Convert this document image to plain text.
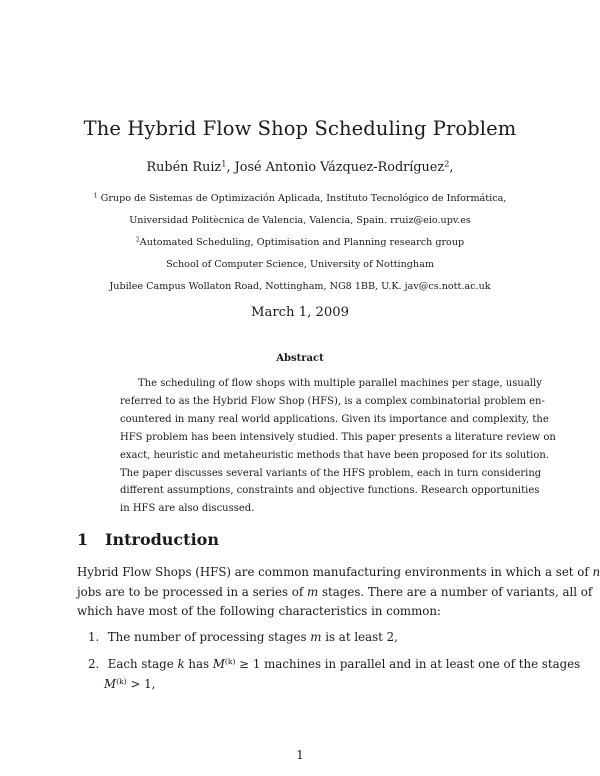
The Hybrid Flow Shop Scheduling Problem
Rubén Ruiz$^1$, José Antonio Vázquez-Rodríguez$^2$,
$^1$ Grupo de Sistemas de Optimización Aplicada, Instituto Tecnológico de Informática,
Universidad Politècnica de Valencia, Valencia, Spain. rruiz@eio.upv.es
$^2$Automated Scheduling, Optimisation and Planning research group
School of Computer Science, University of Nottingham
Jubilee Campus Wollaton Road, Nottingham, NG8 1BB, U.K. jav@cs.nott.ac.uk
March 1, 2009
Abstract
The scheduling of flow shops with multiple parallel machines per stage, usually
referred to as the Hybrid Flow Shop (HFS), is a complex combinatorial problem en-
countered in many real world applications. Given its importance and complexity, the
HFS problem has been intensively studied. This paper presents a literature review on
exact, heuristic and metaheuristic methods that have been proposed for its solution.
The paper discusses several variants of the HFS problem, each in turn considering
different assumptions, constraints and objective functions. Research opportunities
in HFS are also discussed.
1 Introduction
Hybrid Flow Shops (HFS) are common manufacturing environments in which a set of n
jobs are to be processed in a series of m stages. There are a number of variants, all of
which have most of the following characteristics in common:
1. The number of processing stages m is at least 2,
2. Each stage k has $M^{(k)} \ge 1$ machines in parallel and in at least one of the stages
$M^{(k)} > 1$,
1
